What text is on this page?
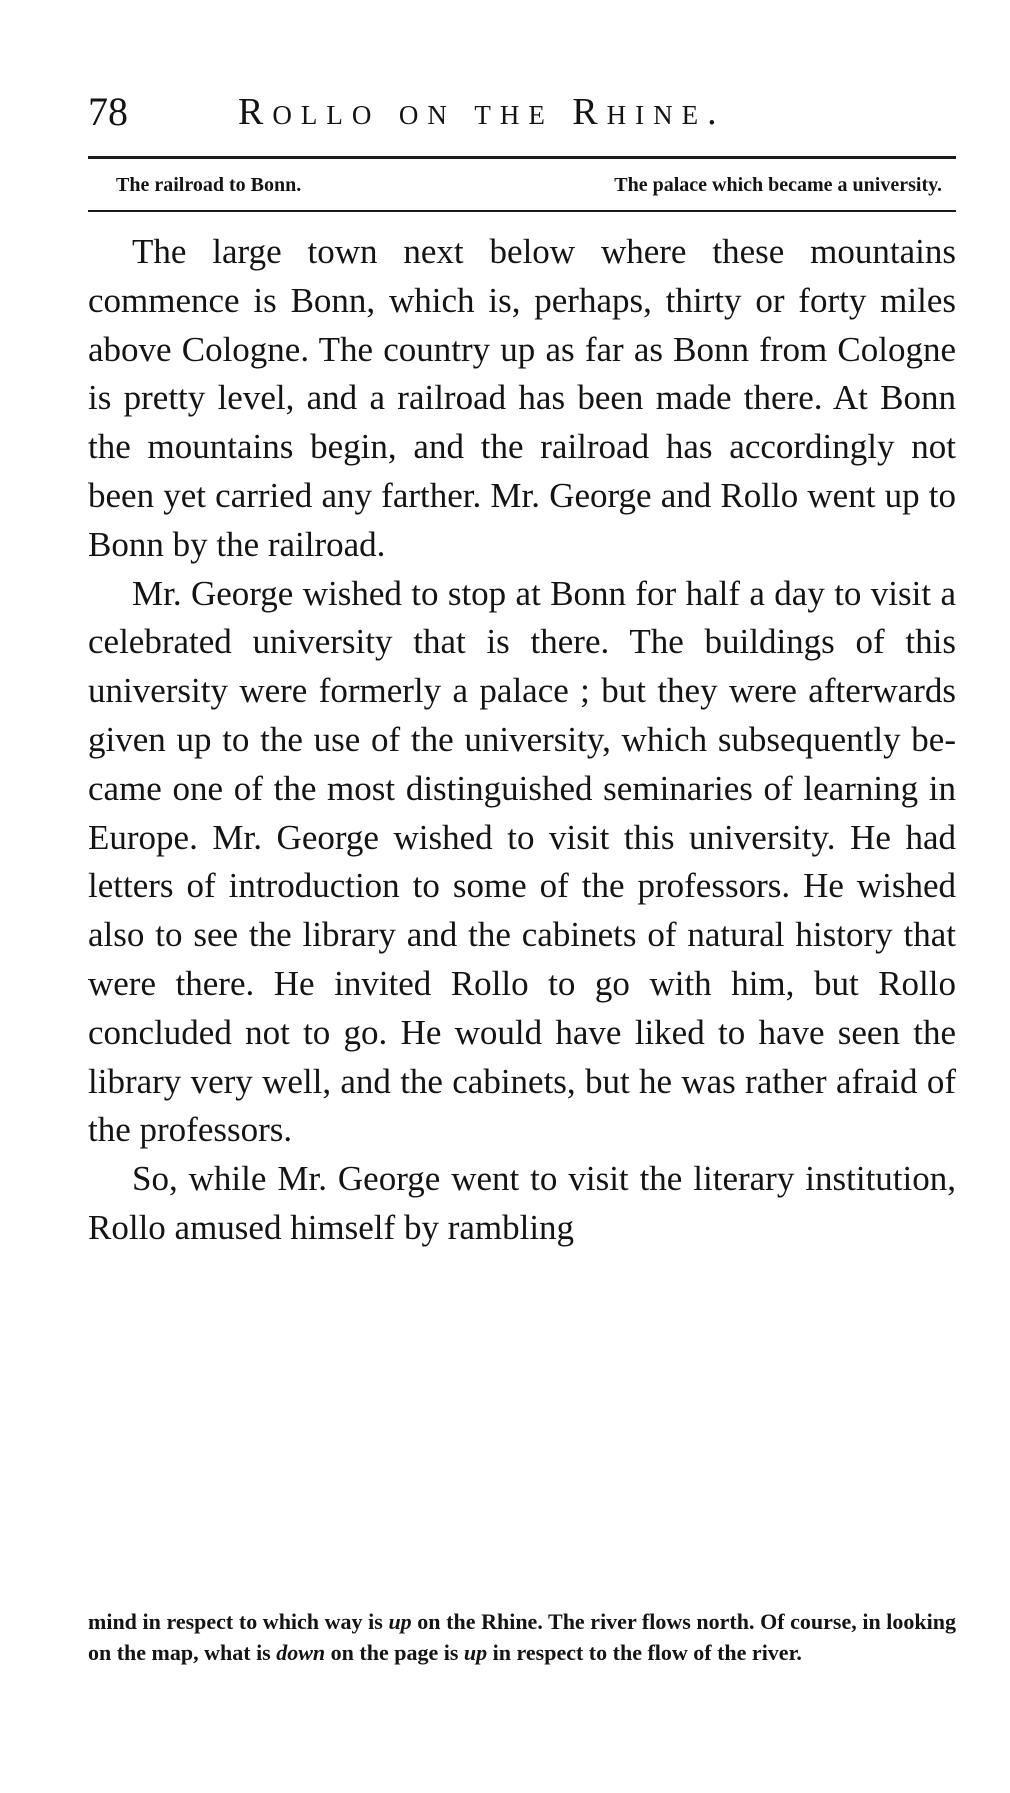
78	Rollo on the Rhine.
The railroad to Bonn.	The palace which became a university.

The large town next below where these mountains commence is Bonn, which is, perhaps, thirty or forty miles above Cologne. The country up as far as Bonn from Cologne is pretty level, and a railroad has been made there. At Bonn the mountains begin, and the railroad has accordingly not been yet carried any farther. Mr. George and Rollo went up to Bonn by the railroad.

Mr. George wished to stop at Bonn for half a day to visit a celebrated university that is there. The buildings of this university were formerly a palace ; but they were afterwards given up to the use of the university, which subsequently became one of the most distinguished seminaries of learning in Europe. Mr. George wished to visit this university. He had letters of introduction to some of the professors. He wished also to see the library and the cabinets of natural history that were there. He invited Rollo to go with him, but Rollo concluded not to go. He would have liked to have seen the library very well, and the cabinets, but he was rather afraid of the professors.

So, while Mr. George went to visit the literary institution, Rollo amused himself by rambling

mind in respect to which way is up on the Rhine. The river flows north. Of course, in looking on the map, what is down on the page is up in respect to the flow of the river.
